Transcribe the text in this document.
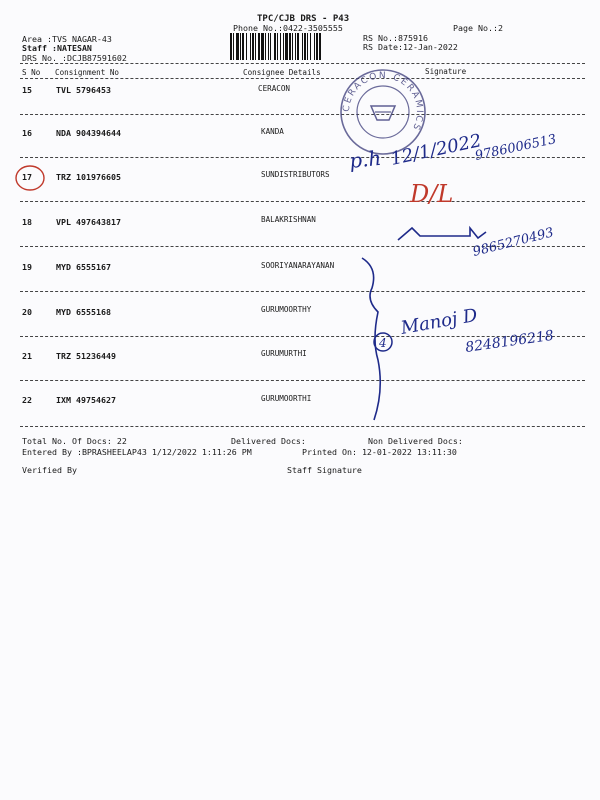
TPC/CJB DRS - P43
Phone No.:0422-3505555	Page No.:2
Area :TVS NAGAR-43
Staff :NATESAN
DRS No. :DCJB87591602
RS No.:875916
RS Date:12-Jan-2022
S No Consignment No	Consignee Details	Signature
15	TVL 5796453	CERACON
16	NDA 904394644	KANDA
17	TRZ 101976605	SUNDISTRIBUTORS
18	VPL 497643817	BALAKRISHNAN
19	MYD 6555167	SOORIYANARAYANAN
20	MYD 6555168	GURUMOORTHY
21	TRZ 51236449	GURUMURTHI
22	IXM 49754627	GURUMOORTHI
Total No. Of Docs: 22	Delivered Docs:	Non Delivered Docs:
Entered By :BPRASHEELAP43 1/12/2022 1:11:26 PM	Printed On: 12-01-2022 13:11:30
Verified By	Staff Signature
CERACON CERAMICS
p.h 12/1/2022
9786006513
D/L
9865270493
4
Manoj D
8248196218
